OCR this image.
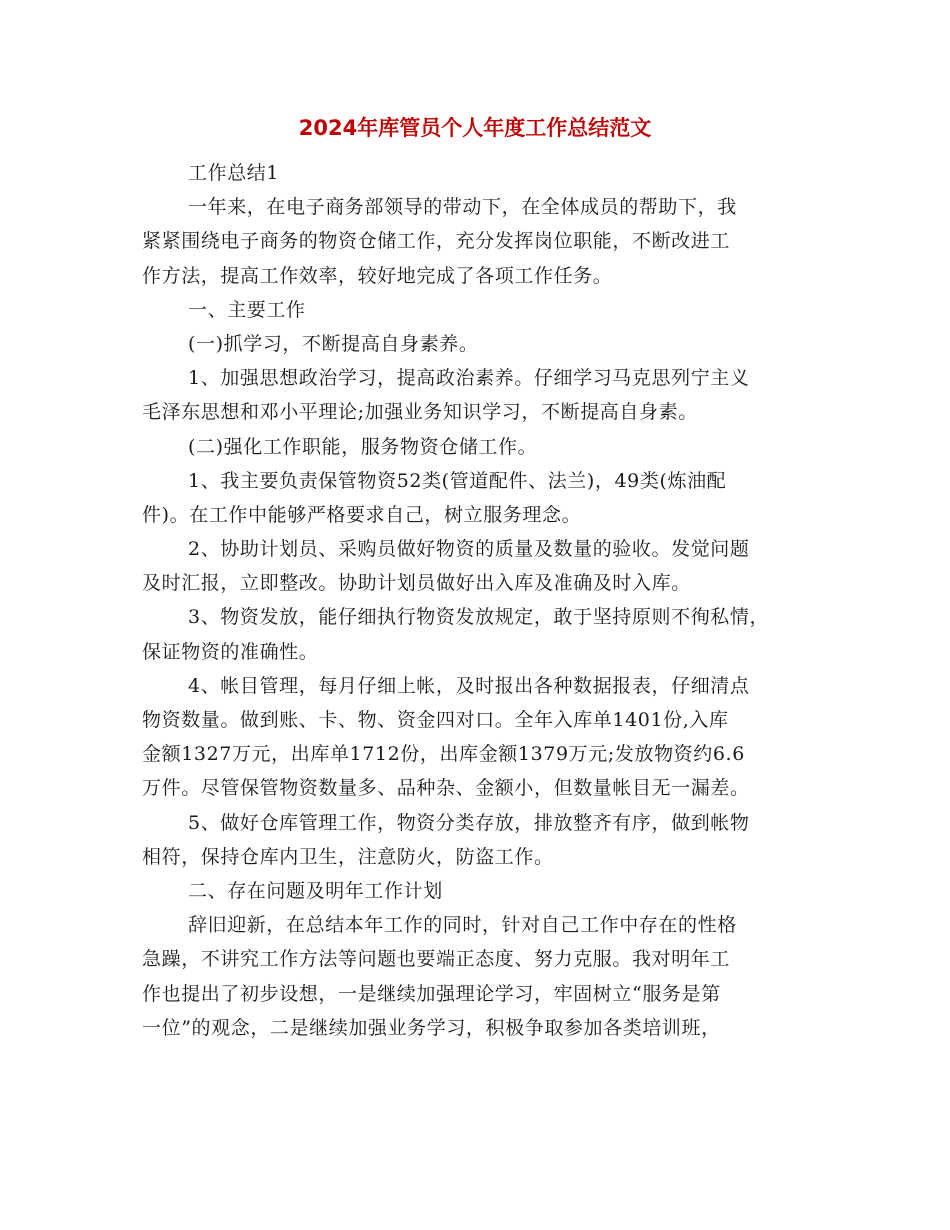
2024年库管员个人年度工作总结范文
工作总结1
一年来，在电子商务部领导的带动下，在全体成员的帮助下，我
紧紧围绕电子商务的物资仓储工作，充分发挥岗位职能，不断改进工
作方法，提高工作效率，较好地完成了各项工作任务。
一、主要工作
(一)抓学习，不断提高自身素养。
1、加强思想政治学习，提高政治素养。仔细学习马克思列宁主义
毛泽东思想和邓小平理论;加强业务知识学习，不断提高自身素。
(二)强化工作职能，服务物资仓储工作。
1、我主要负责保管物资52类(管道配件、法兰)，49类(炼油配
件)。在工作中能够严格要求自己，树立服务理念。
2、协助计划员、采购员做好物资的质量及数量的验收。发觉问题
及时汇报，立即整改。协助计划员做好出入库及准确及时入库。
3、物资发放，能仔细执行物资发放规定，敢于坚持原则不徇私情，
保证物资的准确性。
4、帐目管理，每月仔细上帐，及时报出各种数据报表，仔细清点
物资数量。做到账、卡、物、资金四对口。全年入库单1401份,入库
金额1327万元，出库单1712份，出库金额1379万元;发放物资约6.6
万件。尽管保管物资数量多、品种杂、金额小，但数量帐目无一漏差。
5、做好仓库管理工作，物资分类存放，排放整齐有序，做到帐物
相符，保持仓库内卫生，注意防火，防盗工作。
二、存在问题及明年工作计划
辞旧迎新，在总结本年工作的同时，针对自己工作中存在的性格
急躁，不讲究工作方法等问题也要端正态度、努力克服。我对明年工
作也提出了初步设想，一是继续加强理论学习，牢固树立“服务是第
一位”的观念，二是继续加强业务学习，积极争取参加各类培训班，
